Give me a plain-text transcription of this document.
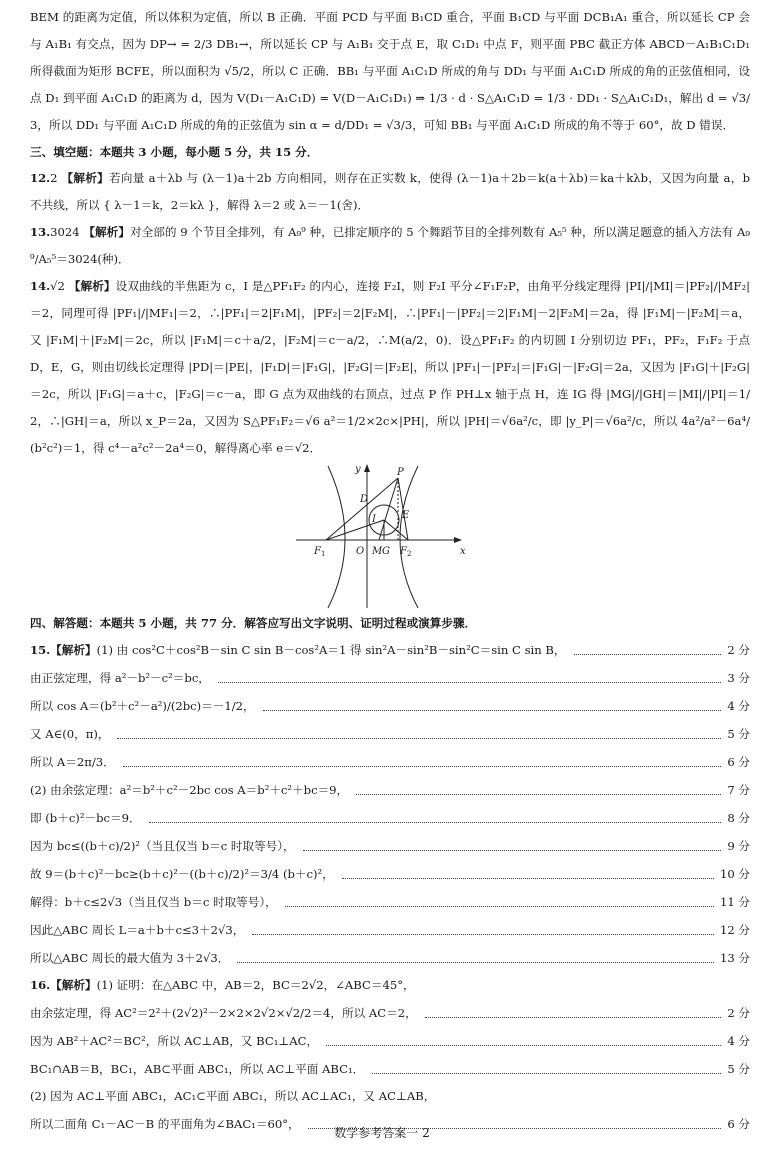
BEM 的距离为定值，所以体积为定值，所以 B 正确．平面 PCD 与平面 B₁CD 重合，平面 B₁CD 与平面 DCB₁A₁ 重合，所以延长 CP 会与 A₁B₁ 有交点，因为 DP→ = 2/3 DB₁→，所以延长 CP 与 A₁B₁ 交于点 E，取 C₁D₁ 中点 F，则平面 PBC 截正方体 ABCD－A₁B₁C₁D₁ 所得截面为矩形 BCFE，所以面积为 √5/2，所以 C 正确．BB₁ 与平面 A₁C₁D 所成的角与 DD₁ 与平面 A₁C₁D 所成的角的正弦值相同，设点 D₁ 到平面 A₁C₁D 的距离为 d，因为 V(D₁－A₁C₁D) = V(D－A₁C₁D₁) ⇒ 1/3 · d · S△A₁C₁D = 1/3 · DD₁ · S△A₁C₁D₁，解出 d = √3/3，所以 DD₁ 与平面 A₁C₁D 所成的角的正弦值为 sin α = d/DD₁ = √3/3，可知 BB₁ 与平面 A₁C₁D 所成的角不等于 60°，故 D 错误．

三、填空题：本题共 3 小题，每小题 5 分，共 15 分．

12.2 【解析】若向量 a＋λb 与 (λ－1)a＋2b 方向相同，则存在正实数 k，使得 (λ－1)a＋2b＝k(a＋λb)＝ka＋kλb，又因为向量 a，b 不共线，所以 { λ－1＝k，2＝kλ }，解得 λ＝2 或 λ＝－1(舍)．

13.3024 【解析】对全部的 9 个节目全排列，有 A₉⁹ 种，已排定顺序的 5 个舞蹈节目的全排列数有 A₅⁵ 种，所以满足题意的插入方法有 A₉⁹/A₅⁵＝3024(种)．

14.√2 【解析】设双曲线的半焦距为 c，I 是△PF₁F₂ 的内心，连接 F₂I，则 F₂I 平分∠F₁F₂P，由角平分线定理得 |PI|/|MI|＝|PF₂|/|MF₂|＝2，同理可得 |PF₁|/|MF₁|＝2，∴|PF₁|＝2|F₁M|，|PF₂|＝2|F₂M|，∴|PF₁|－|PF₂|＝2|F₁M|－2|F₂M|＝2a，得 |F₁M|－|F₂M|＝a，又 |F₁M|＋|F₂M|＝2c，所以 |F₁M|＝c＋a/2，|F₂M|＝c－a/2，∴M(a/2，0)．设△PF₁F₂ 的内切圆 I 分别切边 PF₁，PF₂，F₁F₂ 于点 D，E，G，则由切线长定理得 |PD|＝|PE|，|F₁D|＝|F₁G|，|F₂G|＝|F₂E|，所以 |PF₁|－|PF₂|＝|F₁G|－|F₂G|＝2a，又因为 |F₁G|＋|F₂G|＝2c，所以 |F₁G|＝a＋c，|F₂G|＝c－a，即 G 点为双曲线的右顶点，过点 P 作 PH⊥x 轴于点 H，连 IG 得 |MG|/|GH|＝|MI|/|PI|＝1/2，∴|GH|＝a，所以 x_P＝2a，又因为 S△PF₁F₂＝√6 a²＝1/2×2c×|PH|，所以 |PH|＝√6a²/c，即 |y_P|＝√6a²/c，所以 4a²/a²－6a⁴/(b²c²)＝1，得 c⁴－a²c²－2a⁴＝0，解得离心率 e＝√2．

y
x
P
D
I	E
$F_1$	O M G $F_2$

四、解答题：本题共 5 小题，共 77 分．解答应写出文字说明、证明过程或演算步骤．

15.【解析】(1) 由 cos²C＋cos²B－sin C sin B－cos²A＝1 得 sin²A－sin²B－sin²C＝sin C sin B，	2 分
由正弦定理，得 a²－b²－c²＝bc，	3 分
所以 cos A＝(b²＋c²－a²)/(2bc)＝－1/2，	4 分
又 A∈(0，π)，	5 分
所以 A＝2π/3．	6 分
(2) 由余弦定理：a²＝b²＋c²－2bc cos A＝b²＋c²＋bc＝9，	7 分
即 (b＋c)²－bc＝9．	8 分
因为 bc≤((b＋c)/2)²（当且仅当 b＝c 时取等号），	9 分
故 9＝(b＋c)²－bc≥(b＋c)²－((b＋c)/2)²＝3/4 (b＋c)²，	10 分
解得：b＋c≤2√3（当且仅当 b＝c 时取等号），	11 分
因此△ABC 周长 L＝a＋b＋c≤3＋2√3，	12 分
所以△ABC 周长的最大值为 3＋2√3．	13 分

16.【解析】(1) 证明：在△ABC 中，AB＝2，BC＝2√2，∠ABC＝45°，

由余弦定理，得 AC²＝2²＋(2√2)²－2×2×2√2×√2/2＝4，所以 AC＝2，	2 分
因为 AB²＋AC²＝BC²，所以 AC⊥AB，又 BC₁⊥AC，	4 分
BC₁∩AB＝B，BC₁，AB⊂平面 ABC₁，所以 AC⊥平面 ABC₁．	5 分

(2) 因为 AC⊥平面 ABC₁，AC₁⊂平面 ABC₁，所以 AC⊥AC₁，又 AC⊥AB，

所以二面角 C₁－AC－B 的平面角为∠BAC₁＝60°，	6 分
数学参考答案一 2
